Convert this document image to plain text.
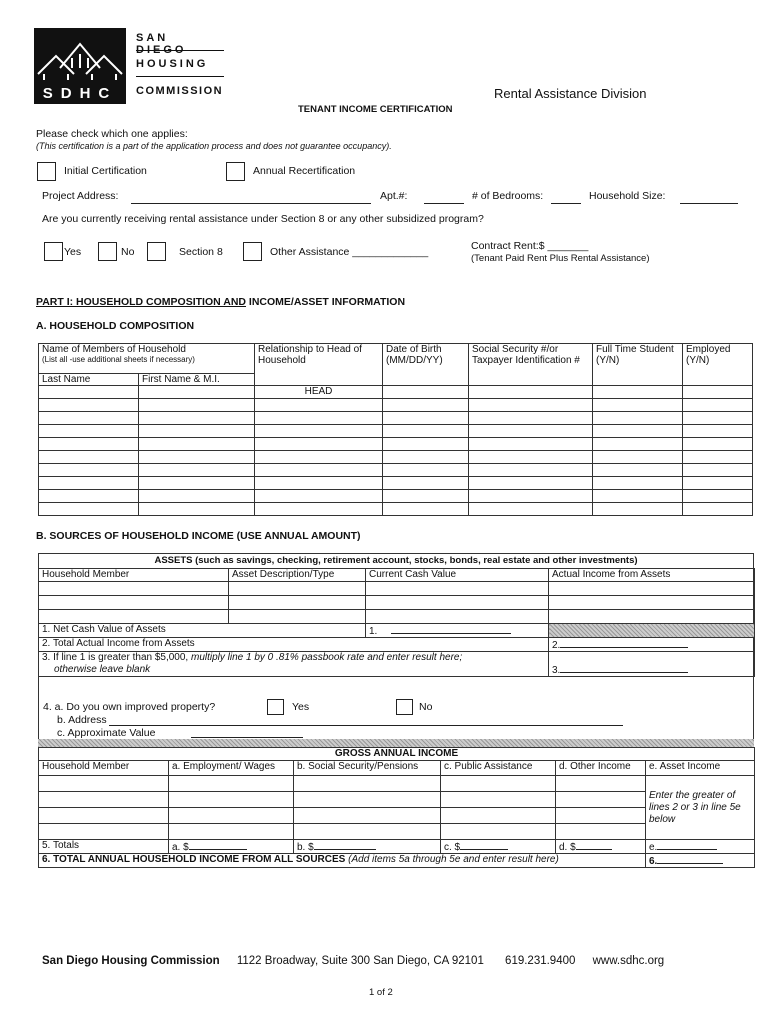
SDHC
SAN DIEGO
HOUSING
COMMISSION	Rental Assistance Division
TENANT INCOME CERTIFICATION
Please check which one applies:
(This certification is a part of the application process and does not guarantee occupancy).
Initial Certification	Annual Recertification
Project Address:	Apt.#:	# of Bedrooms:	Household Size:
Are you currently receiving rental assistance under Section 8 or any other subsidized program?
Yes	No	Section 8	Other Assistance _____________	Contract Rent:$ _______
(Tenant Paid Rent Plus Rental Assistance)
PART I: HOUSEHOLD COMPOSITION AND INCOME/ASSET INFORMATION
A. HOUSEHOLD COMPOSITION
Name of Members of Household
(List all -use additional sheets if necessary)		Relationship to Head of Household	Date of Birth (MM/DD/YY)	Social Security #/or Taxpayer Identification #	Full Time Student (Y/N)	Employed (Y/N)
Last Name	First Name & M.I.					
		HEAD				

B. SOURCES OF HOUSEHOLD INCOME (USE ANNUAL AMOUNT)
ASSETS (such as savings, checking, retirement account, stocks, bonds, real estate and other investments)
Household Member	Asset Description/Type	Current Cash Value	Actual Income from Assets

1. Net Cash Value of Assets		1.	
2. Total Actual Income from Assets			2.
3. If line 1 is greater than $5,000, multiply line 1 by 0 .81% passbook rate and enter result here;
otherwise leave blank			3.
4. a. Do you own improved property?	Yes	No
b. Address
c. Approximate Value
GROSS ANNUAL INCOME					
Household Member	a. Employment/ Wages	b. Social Security/Pensions	c. Public Assistance	d. Other Income	e. Asset Income
					Enter the greater of lines 2 or 3 in line 5e below

5. Totals	a. $	b. $	c. $	d. $	e.
6. TOTAL ANNUAL HOUSEHOLD INCOME FROM ALL SOURCES (Add items 5a through 5e and enter result here)					6.
San Diego Housing Commission 1122 Broadway, Suite 300 San Diego, CA 92101 619.231.9400 www.sdhc.org
1 of 2
